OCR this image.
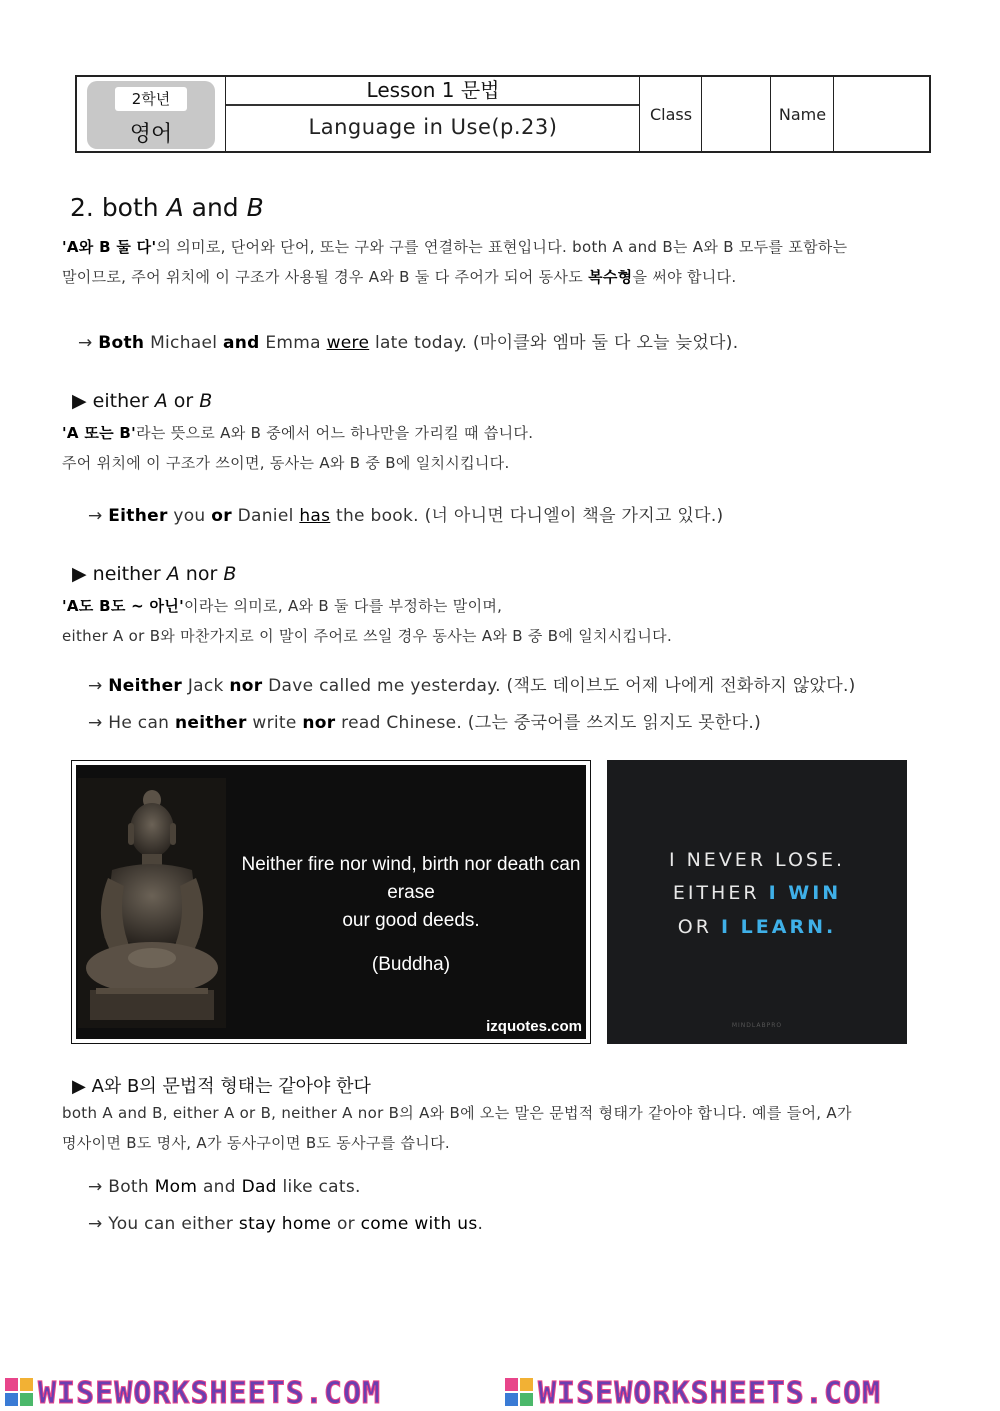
2학년
영어
Lesson 1 문법
Language in Use(p.23)
Class	Name
2. both A and B
'A와 B 둘 다'의 의미로, 단어와 단어, 또는 구와 구를 연결하는 표현입니다. both A and B는 A와 B 모두를 포함하는
말이므로, 주어 위치에 이 구조가 사용될 경우 A와 B 둘 다 주어가 되어 동사도 복수형을 써야 합니다.
→ Both Michael and Emma were late today. (마이클와 엠마 둘 다 오늘 늦었다).
▶ either A or B
'A 또는 B'라는 뜻으로 A와 B 중에서 어느 하나만을 가리킬 때 씁니다.
주어 위치에 이 구조가 쓰이면, 동사는 A와 B 중 B에 일치시킵니다.
→ Either you or Daniel has the book. (너 아니면 다니엘이 책을 가지고 있다.)
▶ neither A nor B
'A도 B도 ~ 아닌'이라는 의미로, A와 B 둘 다를 부정하는 말이며,
either A or B와 마찬가지로 이 말이 주어로 쓰일 경우 동사는 A와 B 중 B에 일치시킵니다.
→ Neither Jack nor Dave called me yesterday. (잭도 데이브도 어제 나에게 전화하지 않았다.)
→ He can neither write nor read Chinese. (그는 중국어를 쓰지도 읽지도 못한다.)
Neither fire nor wind, birth nor death can erase
our good deeds.
(Buddha)
izquotes.com
I NEVER LOSE.
EITHER I WIN
OR I LEARN.
MINDLABPRO
▶ A와 B의 문법적 형태는 같아야 한다
both A and B, either A or B, neither A nor B의 A와 B에 오는 말은 문법적 형태가 같아야 합니다. 예를 들어, A가
명사이면 B도 명사, A가 동사구이면 B도 동사구를 씁니다.
→ Both Mom and Dad like cats.
→ You can either stay home or come with us.
WISEWORKSHEETS.COM	WISEWORKSHEETS.COM
